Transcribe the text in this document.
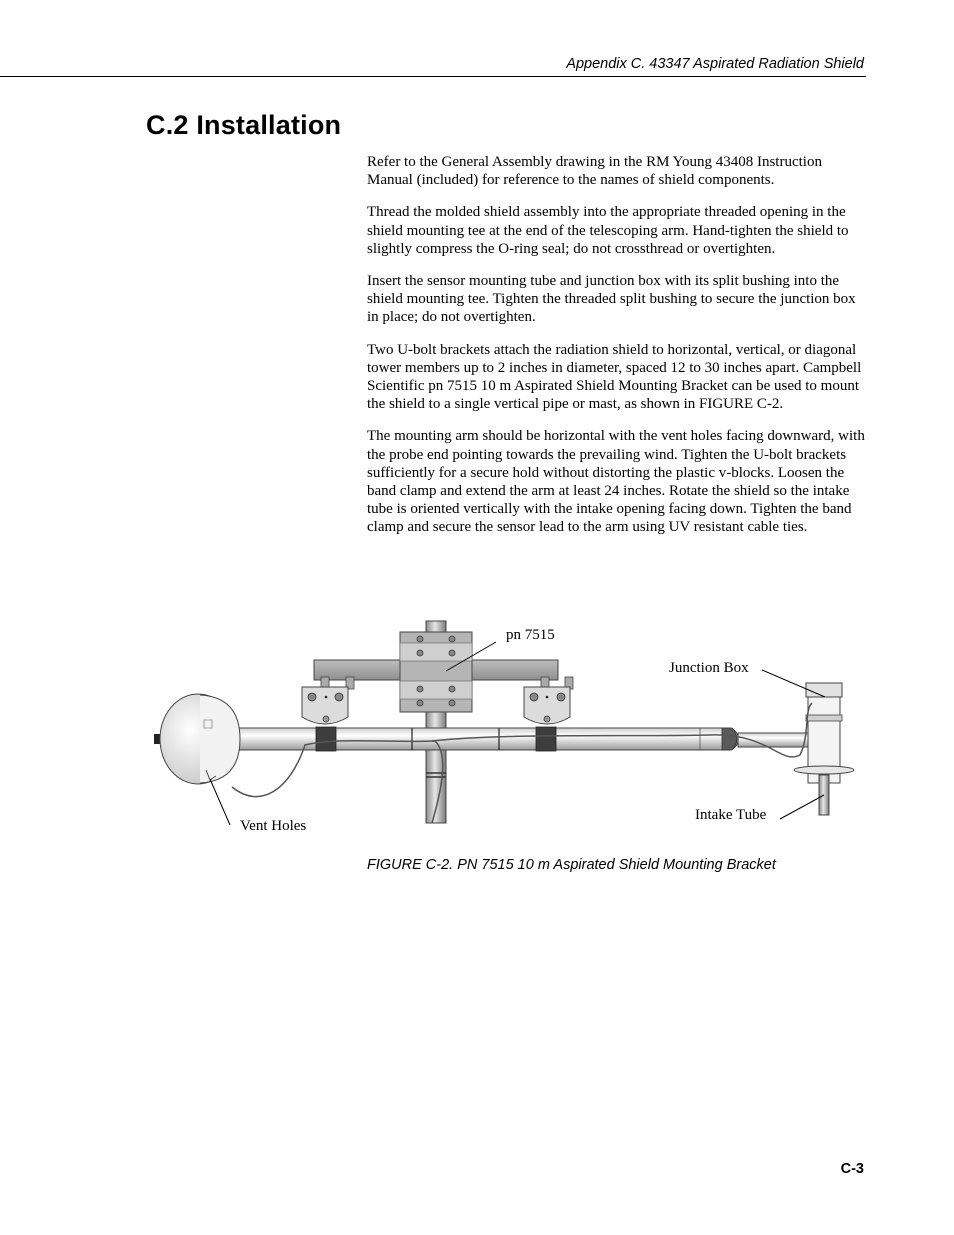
Appendix C. 43347 Aspirated Radiation Shield
C.2 Installation

Refer to the General Assembly drawing in the RM Young 43408 Instruction Manual (included) for reference to the names of shield components.

Thread the molded shield assembly into the appropriate threaded opening in the shield mounting tee at the end of the telescoping arm. Hand-tighten the shield to slightly compress the O-ring seal; do not crossthread or overtighten.

Insert the sensor mounting tube and junction box with its split bushing into the shield mounting tee. Tighten the threaded split bushing to secure the junction box in place; do not overtighten.

Two U-bolt brackets attach the radiation shield to horizontal, vertical, or diagonal tower members up to 2 inches in diameter, spaced 12 to 30 inches apart. Campbell Scientific pn 7515 10 m Aspirated Shield Mounting Bracket can be used to mount the shield to a single vertical pipe or mast, as shown in FIGURE C-2.

The mounting arm should be horizontal with the vent holes facing downward, with the probe end pointing towards the prevailing wind. Tighten the U-bolt brackets sufficiently for a secure hold without distorting the plastic v-blocks. Loosen the band clamp and extend the arm at least 24 inches. Rotate the shield so the intake tube is oriented vertically with the intake opening facing down. Tighten the band clamp and secure the sensor lead to the arm using UV resistant cable ties.

pn 7515
Junction Box
Intake Tube
Vent Holes
FIGURE C-2. PN 7515 10 m Aspirated Shield Mounting Bracket
C-3
